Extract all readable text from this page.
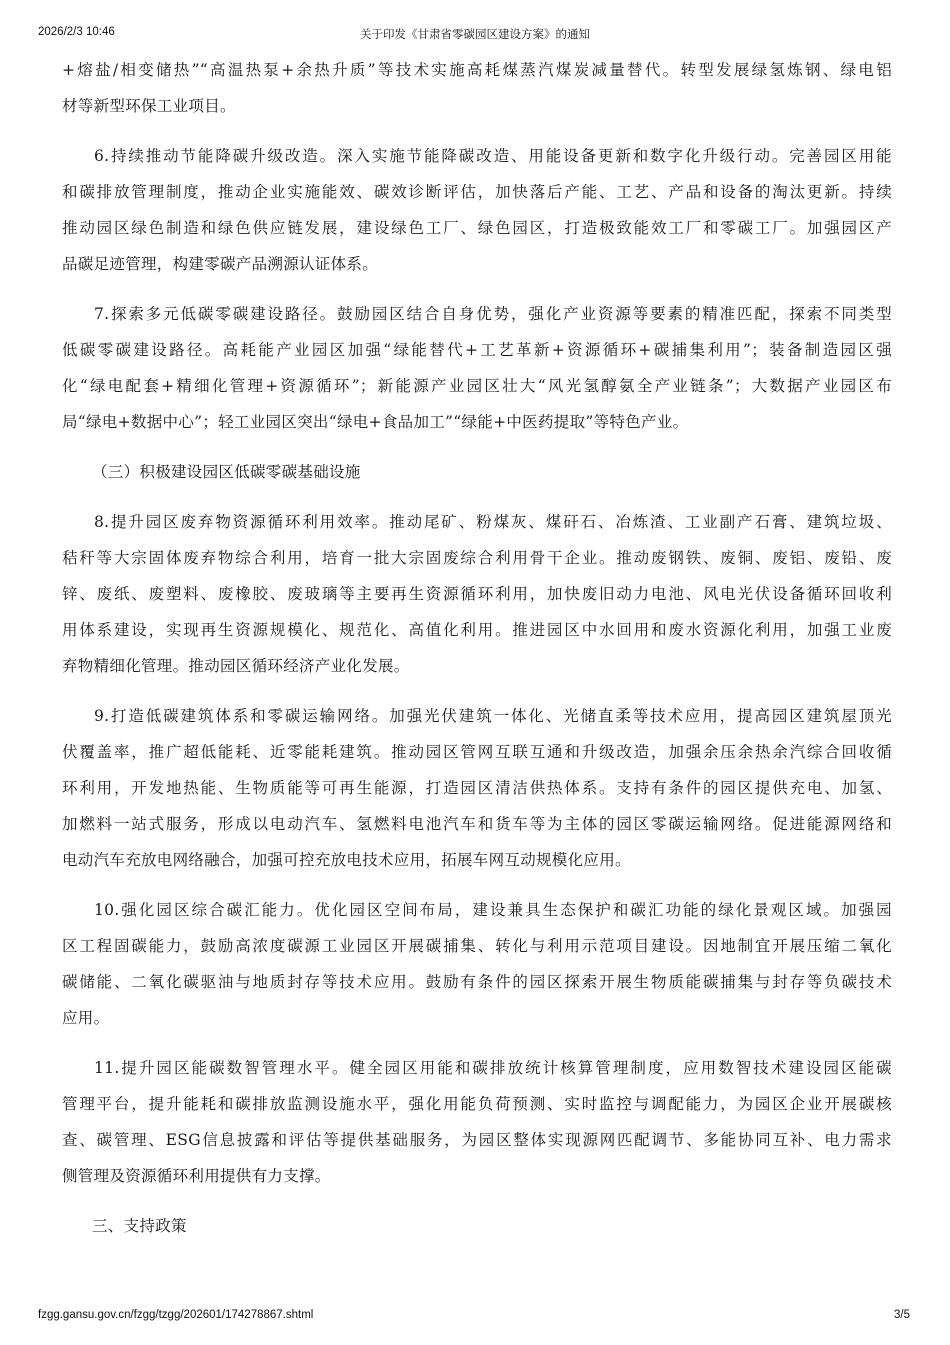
2026/2/3 10:46	关于印发《甘肃省零碳园区建设方案》的通知
+熔盐/相变储热”“高温热泵+余热升质”等技术实施高耗煤蒸汽煤炭减量替代。转型发展绿氢炼钢、绿电铝
材等新型环保工业项目。
6.持续推动节能降碳升级改造。深入实施节能降碳改造、用能设备更新和数字化升级行动。完善园区用能
和碳排放管理制度，推动企业实施能效、碳效诊断评估，加快落后产能、工艺、产品和设备的淘汰更新。持续
推动园区绿色制造和绿色供应链发展，建设绿色工厂、绿色园区，打造极致能效工厂和零碳工厂。加强园区产
品碳足迹管理，构建零碳产品溯源认证体系。
7.探索多元低碳零碳建设路径。鼓励园区结合自身优势，强化产业资源等要素的精准匹配，探索不同类型
低碳零碳建设路径。高耗能产业园区加强“绿能替代+工艺革新+资源循环+碳捕集利用”；装备制造园区强
化“绿电配套+精细化管理+资源循环”；新能源产业园区壮大“风光氢醇氨全产业链条”；大数据产业园区布
局“绿电+数据中心”；轻工业园区突出“绿电+食品加工”“绿能+中医药提取”等特色产业。
（三）积极建设园区低碳零碳基础设施
8.提升园区废弃物资源循环利用效率。推动尾矿、粉煤灰、煤矸石、冶炼渣、工业副产石膏、建筑垃圾、
秸秆等大宗固体废弃物综合利用，培育一批大宗固废综合利用骨干企业。推动废钢铁、废铜、废铝、废铅、废
锌、废纸、废塑料、废橡胶、废玻璃等主要再生资源循环利用，加快废旧动力电池、风电光伏设备循环回收利
用体系建设，实现再生资源规模化、规范化、高值化利用。推进园区中水回用和废水资源化利用，加强工业废
弃物精细化管理。推动园区循环经济产业化发展。
9.打造低碳建筑体系和零碳运输网络。加强光伏建筑一体化、光储直柔等技术应用，提高园区建筑屋顶光
伏覆盖率，推广超低能耗、近零能耗建筑。推动园区管网互联互通和升级改造，加强余压余热余汽综合回收循
环利用，开发地热能、生物质能等可再生能源，打造园区清洁供热体系。支持有条件的园区提供充电、加氢、
加燃料一站式服务，形成以电动汽车、氢燃料电池汽车和货车等为主体的园区零碳运输网络。促进能源网络和
电动汽车充放电网络融合，加强可控充放电技术应用，拓展车网互动规模化应用。
10.强化园区综合碳汇能力。优化园区空间布局，建设兼具生态保护和碳汇功能的绿化景观区域。加强园
区工程固碳能力，鼓励高浓度碳源工业园区开展碳捕集、转化与利用示范项目建设。因地制宜开展压缩二氧化
碳储能、二氧化碳驱油与地质封存等技术应用。鼓励有条件的园区探索开展生物质能碳捕集与封存等负碳技术
应用。
11.提升园区能碳数智管理水平。健全园区用能和碳排放统计核算管理制度，应用数智技术建设园区能碳
管理平台，提升能耗和碳排放监测设施水平，强化用能负荷预测、实时监控与调配能力，为园区企业开展碳核
查、碳管理、ESG信息披露和评估等提供基础服务，为园区整体实现源网匹配调节、多能协同互补、电力需求
侧管理及资源循环利用提供有力支撑。
三、支持政策
fzgg.gansu.gov.cn/fzgg/tzgg/202601/174278867.shtml	3/5
